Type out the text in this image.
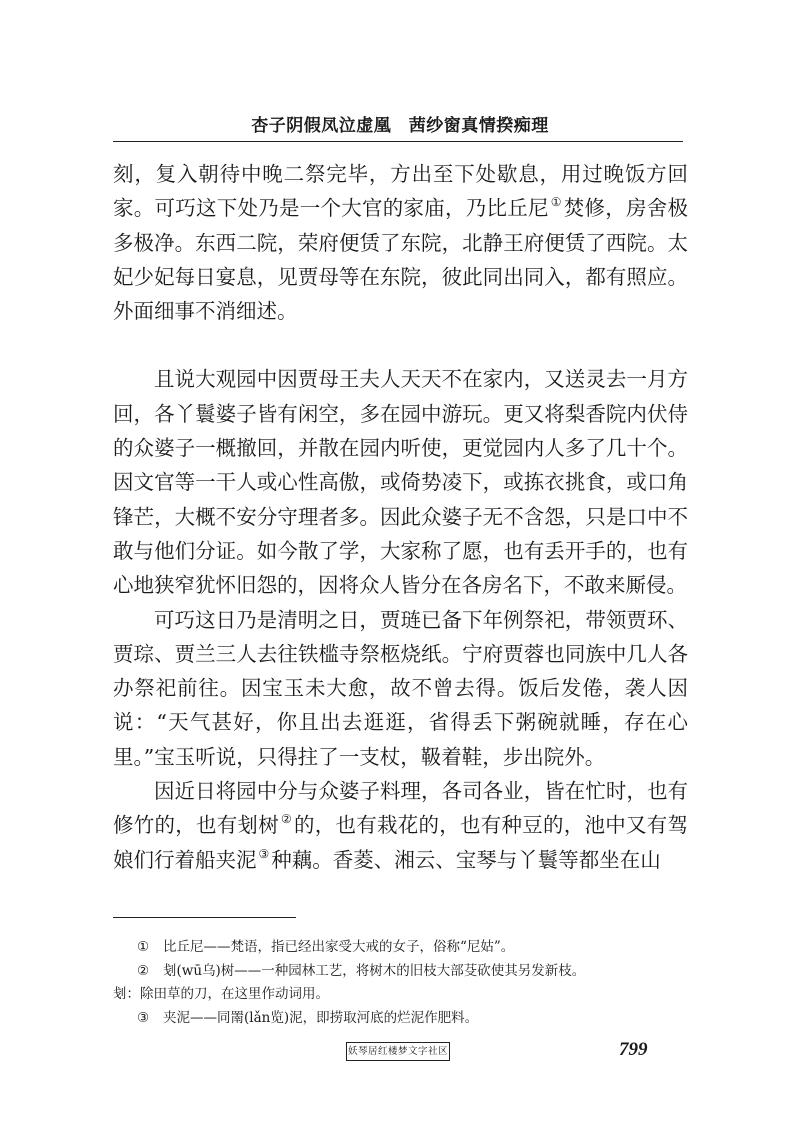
杏子阴假凤泣虚凰　茜纱窗真情揆痴理

刻，复入朝待中晚二祭完毕，方出至下处歇息，用过晚饭方回家。可巧这下处乃是一个大官的家庙，乃比丘尼 ①焚修，房舍极多极净。东西二院，荣府便赁了东院，北静王府便赁了西院。太妃少妃每日宴息，见贾母等在东院，彼此同出同入，都有照应。外面细事不消细述。

且说大观园中因贾母王夫人天天不在家内，又送灵去一月方回，各丫鬟婆子皆有闲空，多在园中游玩。更又将梨香院内伏侍的众婆子一概撤回，并散在园内听使，更觉园内人多了几十个。因文官等一干人或心性高傲，或倚势凌下，或拣衣挑食，或口角锋芒，大概不安分守理者多。因此众婆子无不含怨，只是口中不敢与他们分证。如今散了学，大家称了愿，也有丢开手的，也有心地狭窄犹怀旧怨的，因将众人皆分在各房名下，不敢来厮侵。

可巧这日乃是清明之日，贾琏已备下年例祭祀，带领贾环、贾琮、贾兰三人去往铁槛寺祭柩烧纸。宁府贾蓉也同族中几人各办祭祀前往。因宝玉未大愈，故不曾去得。饭后发倦，袭人因说：“天气甚好，你且出去逛逛，省得丢下粥碗就睡，存在心里。”宝玉听说，只得拄了一支杖，靸着鞋，步出院外。

因近日将园中分与众婆子料理，各司各业，皆在忙时，也有修竹的，也有刬树 ②的，也有栽花的，也有种豆的，池中又有驾娘们行着船夹泥 ③种藕。香菱、湘云、宝琴与丫鬟等都坐在山

① 比丘尼——梵语，指已经出家受大戒的女子，俗称“尼姑”。

② 刬(wū乌)树——一种园林工艺，将树木的旧枝大部芟砍使其另发新枝。

刬：除田草的刀，在这里作动词用。

③ 夹泥——同罱(lǎn览)泥，即捞取河底的烂泥作肥料。

妖琴居红楼梦文字社区	799
